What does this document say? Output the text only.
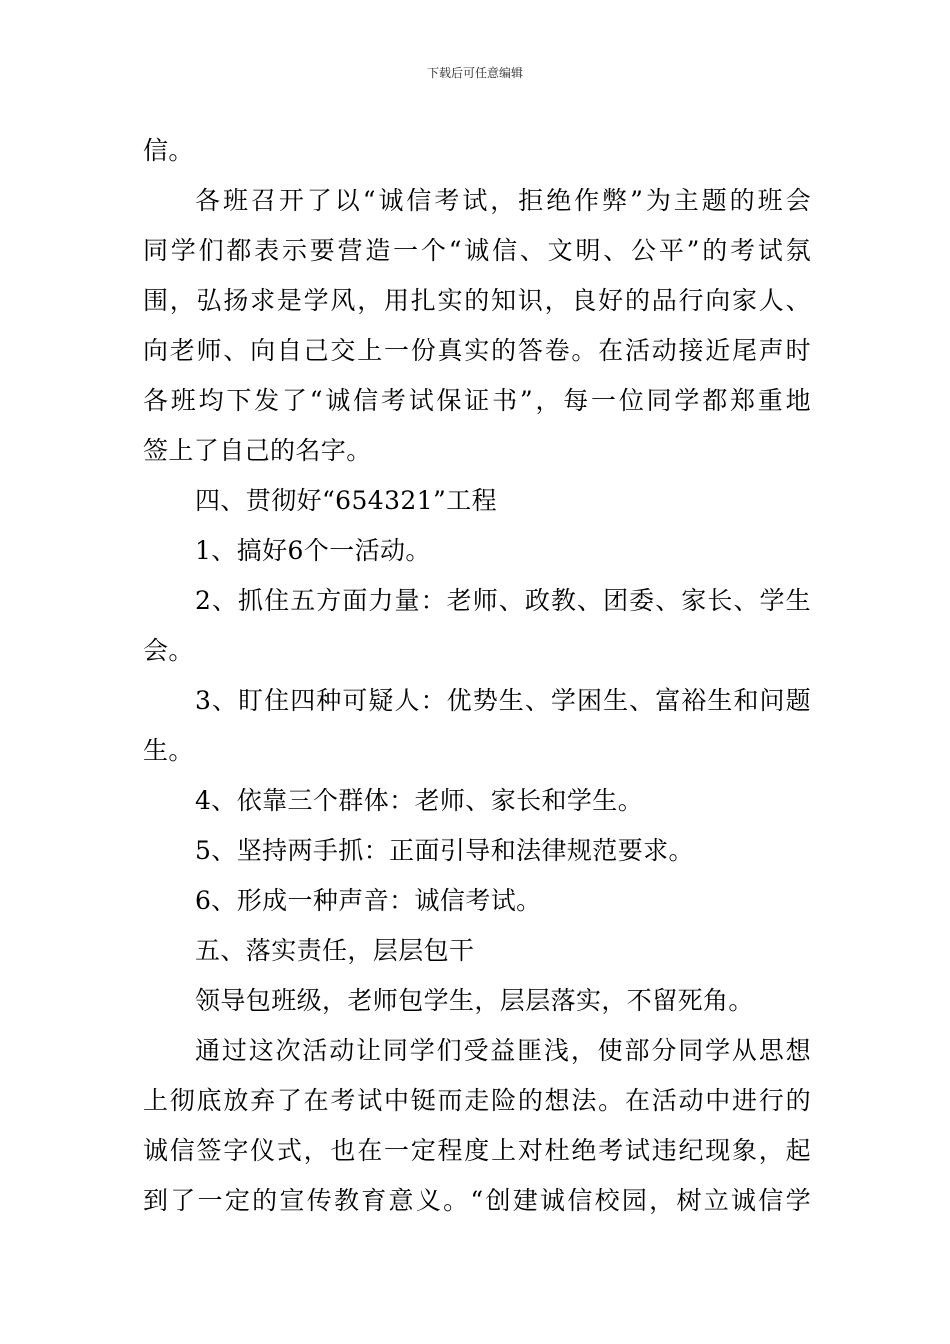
下载后可任意编辑
信。
各班召开了以“诚信考试，拒绝作弊”为主题的班会
同学们都表示要营造一个“诚信、文明、公平”的考试氛
围，弘扬求是学风，用扎实的知识，良好的品行向家人、
向老师、向自己交上一份真实的答卷。在活动接近尾声时
各班均下发了“诚信考试保证书”，每一位同学都郑重地
签上了自己的名字。
四、贯彻好“654321”工程
1、搞好6个一活动。
2、抓住五方面力量：老师、政教、团委、家长、学生
会。
3、盯住四种可疑人：优势生、学困生、富裕生和问题
生。
4、依靠三个群体：老师、家长和学生。
5、坚持两手抓：正面引导和法律规范要求。
6、形成一种声音：诚信考试。
五、落实责任，层层包干
领导包班级，老师包学生，层层落实，不留死角。
通过这次活动让同学们受益匪浅，使部分同学从思想
上彻底放弃了在考试中铤而走险的想法。在活动中进行的
诚信签字仪式，也在一定程度上对杜绝考试违纪现象，起
到了一定的宣传教育意义。“创建诚信校园，树立诚信学
